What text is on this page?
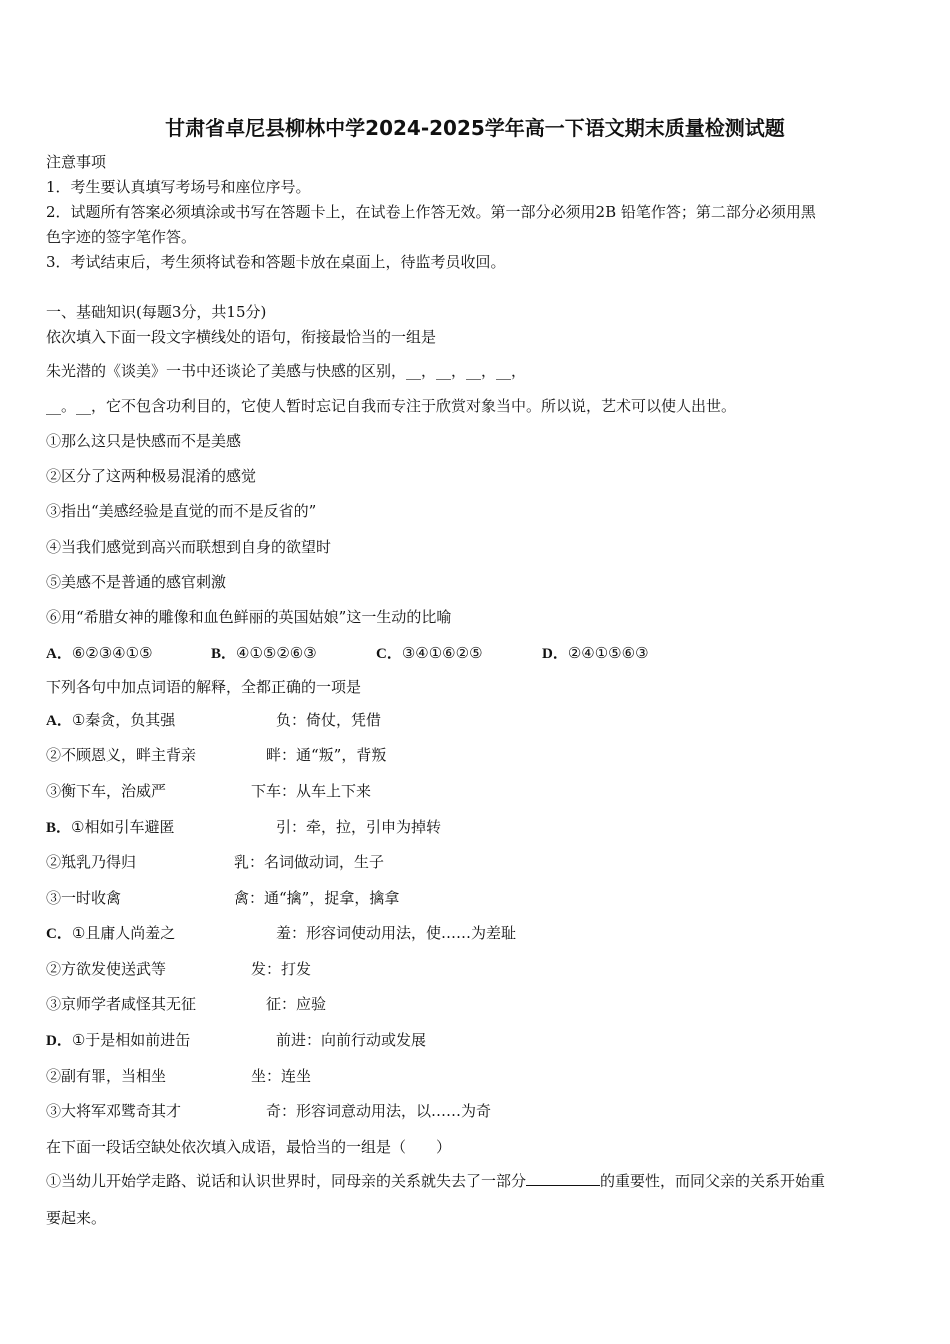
甘肃省卓尼县柳林中学2024-2025学年高一下语文期末质量检测试题
注意事项
1．考生要认真填写考场号和座位序号。
2．试题所有答案必须填涂或书写在答题卡上，在试卷上作答无效。第一部分必须用2B 铅笔作答；第二部分必须用黑
色字迹的签字笔作答。
3．考试结束后，考生须将试卷和答题卡放在桌面上，待监考员收回。
一、基础知识(每题3分，共15分)
依次填入下面一段文字横线处的语句，衔接最恰当的一组是
朱光潜的《谈美》一书中还谈论了美感与快感的区别，__，__，__，__，
__。__，它不包含功利目的，它使人暂时忘记自我而专注于欣赏对象当中。所以说，艺术可以使人出世。
①那么这只是快感而不是美感
②区分了这两种极易混淆的感觉
③指出“美感经验是直觉的而不是反省的”
④当我们感觉到高兴而联想到自身的欲望时
⑤美感不是普通的感官刺激
⑥用“希腊女神的雕像和血色鲜丽的英国姑娘”这一生动的比喻
A．⑥②③④①⑤	B．④①⑤②⑥③	C．③④①⑥②⑤	D．②④①⑤⑥③
下列各句中加点词语的解释，全都正确的一项是
A．①秦贪，负其强	负：倚仗，凭借
②不顾恩义，畔主背亲	畔：通“叛”，背叛
③衡下车，治威严	下车：从车上下来
B．①相如引车避匿	引：牵，拉，引申为掉转
②羝乳乃得归	乳：名词做动词，生子
③一时收禽	禽：通“擒”，捉拿，擒拿
C．①且庸人尚羞之	羞：形容词使动用法，使……为差耻
②方欲发使送武等	发：打发
③京师学者咸怪其无征	征：应验
D．①于是相如前进缶	前进：向前行动或发展
②副有罪，当相坐	坐：连坐
③大将军邓骘奇其才	奇：形容词意动用法，以……为奇
在下面一段话空缺处依次填入成语，最恰当的一组是（　　）
①当幼儿开始学走路、说话和认识世界时，同母亲的关系就失去了一部分	的重要性，而同父亲的关系开始重
要起来。
